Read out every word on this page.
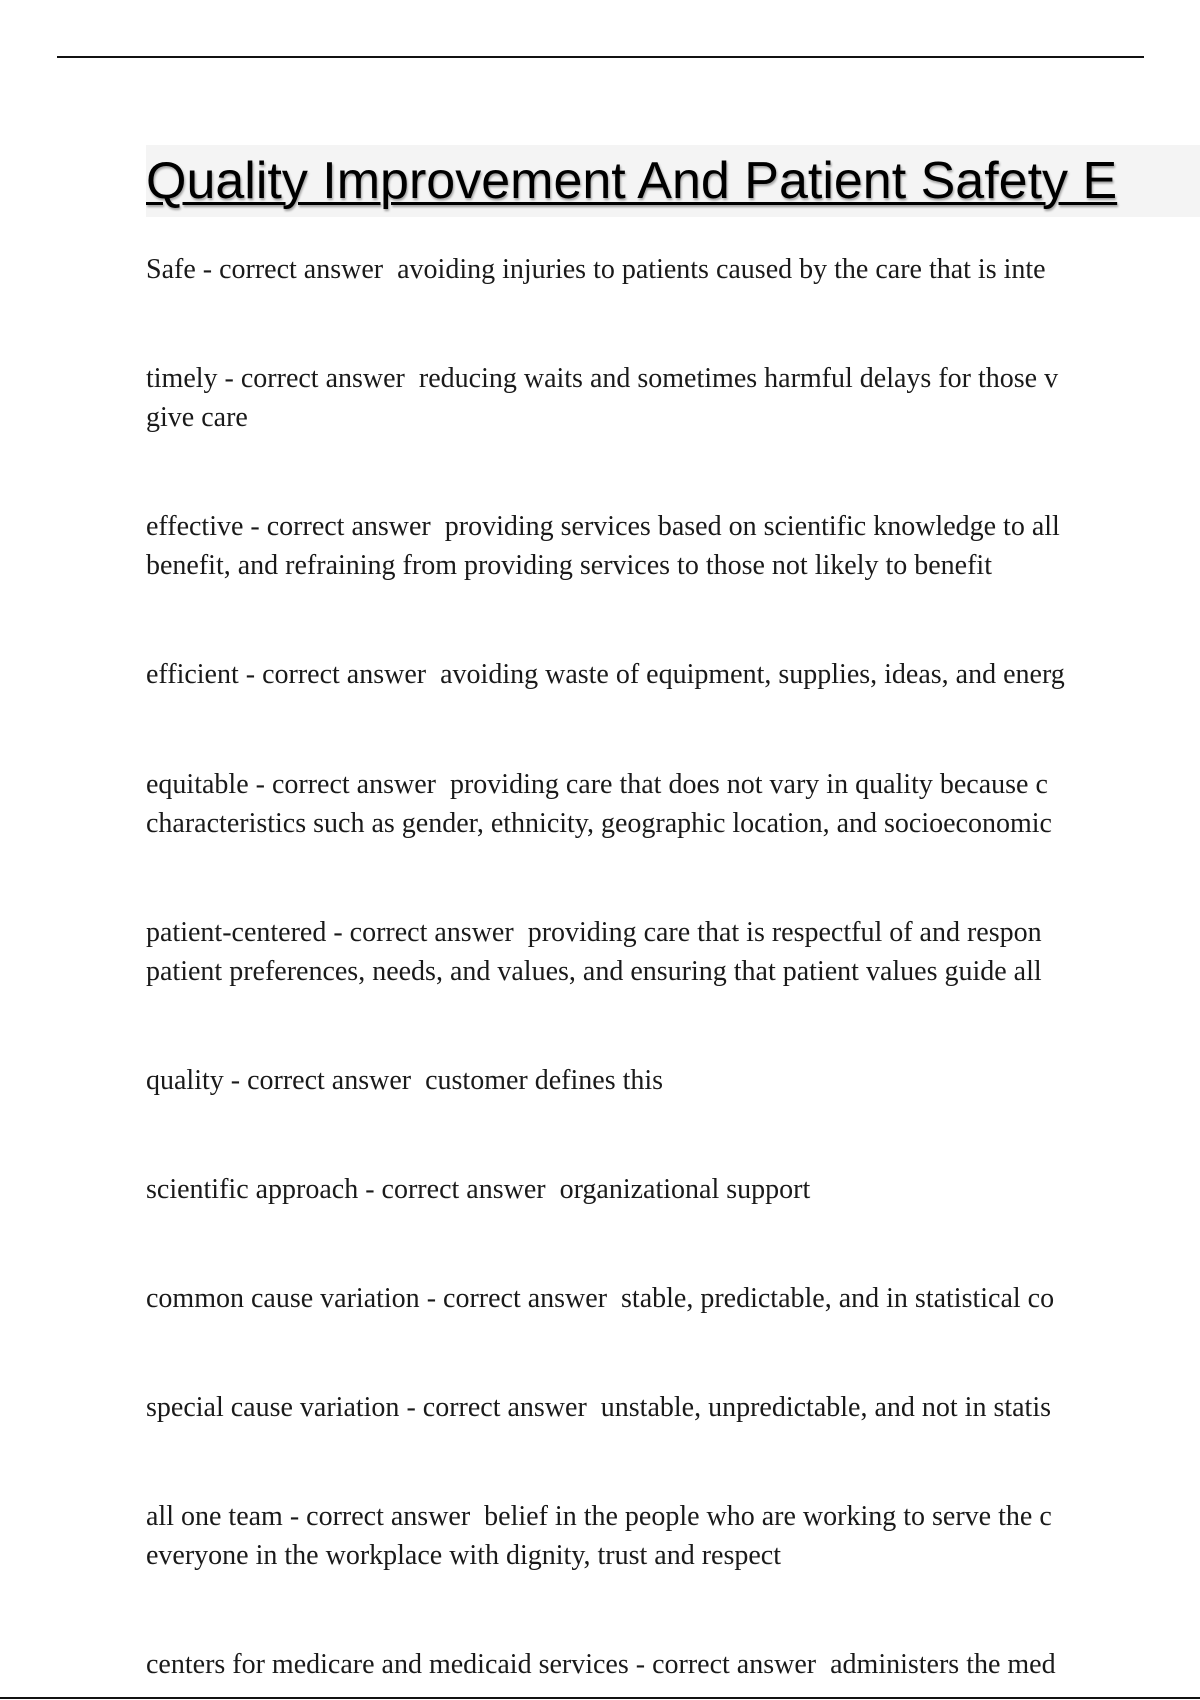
Quality Improvement And Patient Safety E
Safe - correct answer  avoiding injuries to patients caused by the care that is inte
timely - correct answer  reducing waits and sometimes harmful delays for those v
give care
effective - correct answer  providing services based on scientific knowledge to all
benefit, and refraining from providing services to those not likely to benefit
efficient - correct answer  avoiding waste of equipment, supplies, ideas, and energ
equitable - correct answer  providing care that does not vary in quality because c
characteristics such as gender, ethnicity, geographic location, and socioeconomic
patient-centered - correct answer  providing care that is respectful of and respon
patient preferences, needs, and values, and ensuring that patient values guide all
quality - correct answer  customer defines this
scientific approach - correct answer  organizational support
common cause variation - correct answer  stable, predictable, and in statistical co
special cause variation - correct answer  unstable, unpredictable, and not in statis
all one team - correct answer  belief in the people who are working to serve the c
everyone in the workplace with dignity, trust and respect
centers for medicare and medicaid services - correct answer  administers the med
